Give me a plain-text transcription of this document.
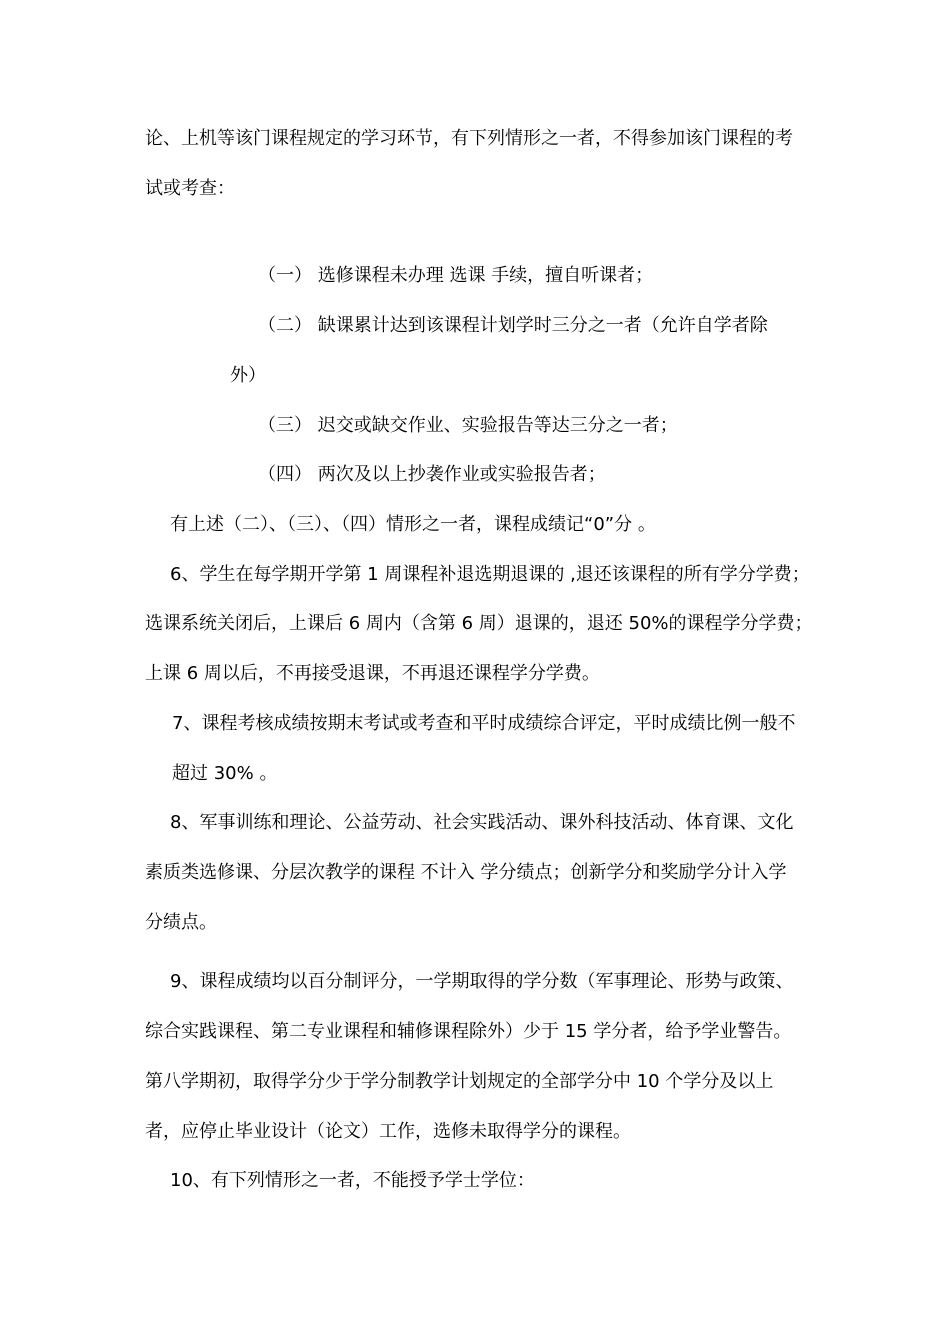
论、上机等该门课程规定的学习环节，有下列情形之一者，不得参加该门课程的考
试或考查：
（一） 选修课程未办理 选课 手续，擅自听课者；
（二） 缺课累计达到该课程计划学时三分之一者（允许自学者除
外）
（三） 迟交或缺交作业、实验报告等达三分之一者；
（四） 两次及以上抄袭作业或实验报告者；
有上述（二）、（三）、（四）情形之一者，课程成绩记“0”分 。
6、学生在每学期开学第 1 周课程补退选期退课的 ,退还该课程的所有学分学费；
选课系统关闭后，上课后 6 周内（含第 6 周）退课的，退还 50%的课程学分学费；
上课 6 周以后，不再接受退课，不再退还课程学分学费。
7、课程考核成绩按期末考试或考查和平时成绩综合评定，平时成绩比例一般不
超过 30% 。
8、军事训练和理论、公益劳动、社会实践活动、课外科技活动、体育课、文化
素质类选修课、分层次教学的课程 不计入 学分绩点；创新学分和奖励学分计入学
分绩点。
9、课程成绩均以百分制评分，一学期取得的学分数（军事理论、形势与政策、
综合实践课程、第二专业课程和辅修课程除外）少于 15 学分者，给予学业警告。
第八学期初，取得学分少于学分制教学计划规定的全部学分中 10 个学分及以上
者，应停止毕业设计（论文）工作，选修未取得学分的课程。
10、有下列情形之一者，不能授予学士学位：
